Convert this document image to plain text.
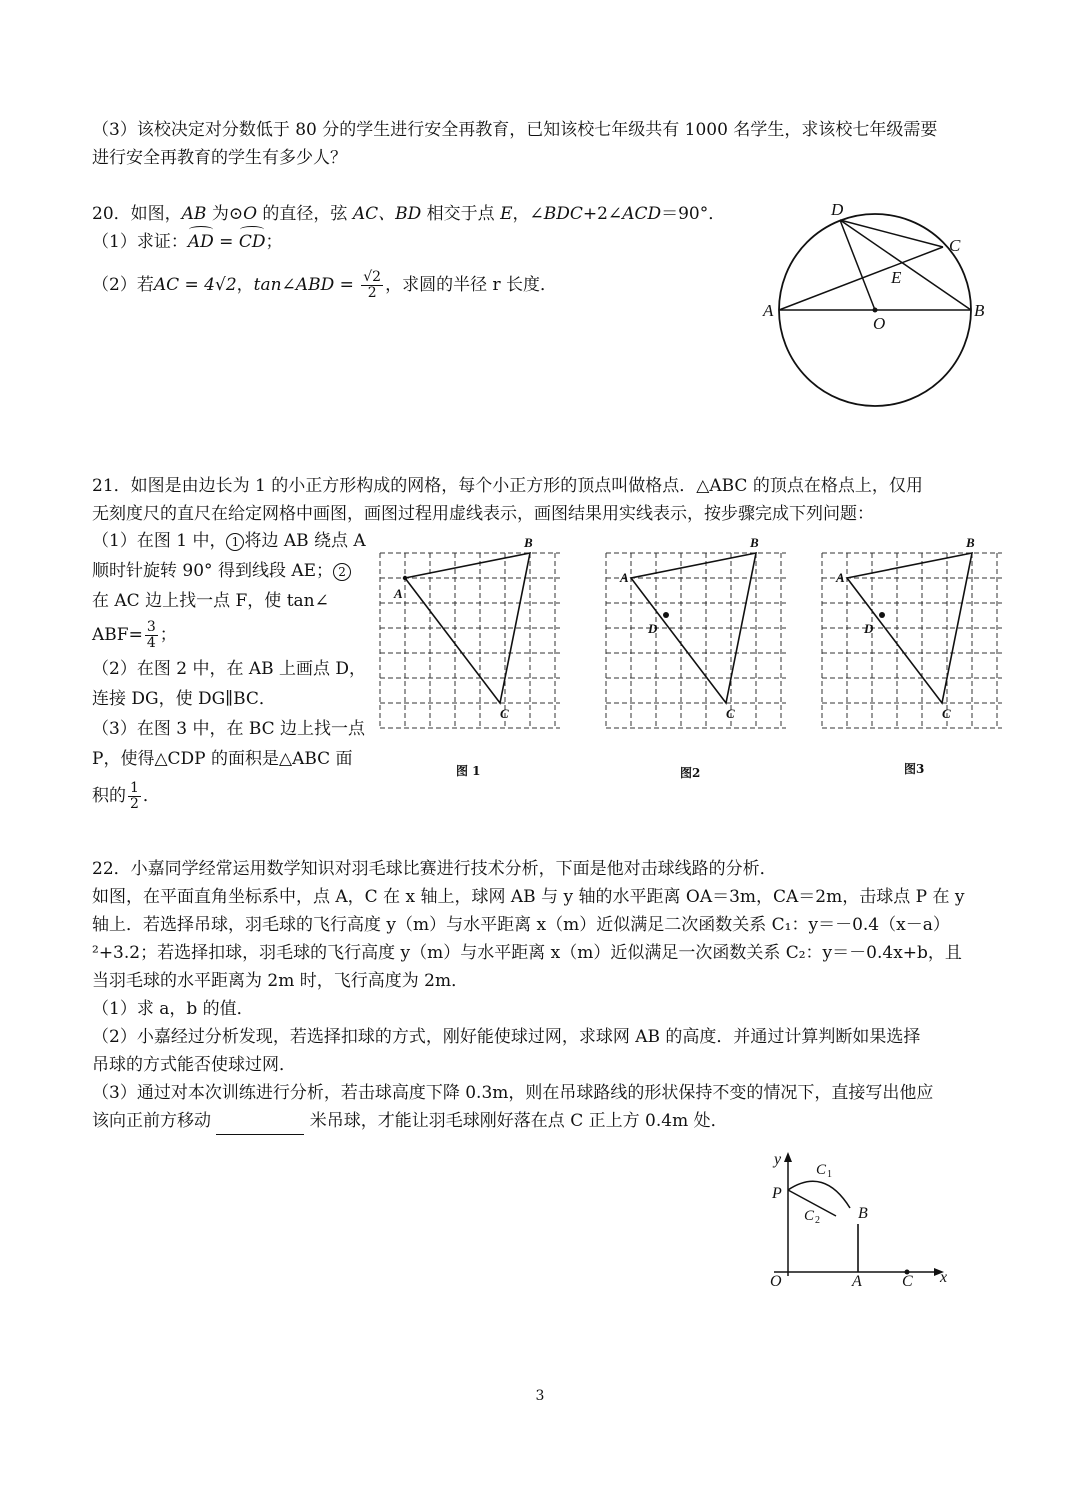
（3）该校决定对分数低于 80 分的学生进行安全再教育，已知该校七年级共有 1000 名学生，求该校七年级需要
进行安全再教育的学生有多少人？
20．如图，AB 为⊙O 的直径，弦 AC、BD 相交于点 E，∠BDC+2∠ACD＝90°．
（1）求证：AD = CD；
（2）若AC = 4√2，tan∠ABD = $\frac{√2}{2}$ ，求圆的半径 r 长度．
D
C
E
A
O
B
21．如图是由边长为 1 的小正方形构成的网格，每个小正方形的顶点叫做格点．△ABC 的顶点在格点上，仅用
无刻度尺的直尺在给定网格中画图，画图过程用虚线表示，画图结果用实线表示，按步骤完成下列问题：
（1）在图 1 中， 1 将边 AB 绕点 A
顺时针旋转 90° 得到线段 AE； 2
在 AC 边上找一点 F，使 tan∠
$ABF= \frac{3}{4}$ ；
（2）在图 2 中，在 AB 上画点 D，
连接 DG，使 DG∥BC．
（3）在图 3 中，在 BC 边上找一点
P，使得△CDP 的面积是△ABC 面
积的 $\frac{1}{2}$ ．
A
B
C
A
B
C
D
A
B
C
D
图 1	图2	图3
22．小嘉同学经常运用数学知识对羽毛球比赛进行技术分析，下面是他对击球线路的分析．
如图，在平面直角坐标系中，点 A，C 在 x 轴上，球网 AB 与 y 轴的水平距离 OA＝3m，CA＝2m，击球点 P 在 y
轴上．若选择吊球，羽毛球的飞行高度 y（m）与水平距离 x（m）近似满足二次函数关系 C₁：y＝－0.4（x－a）
²+3.2；若选择扣球，羽毛球的飞行高度 y（m）与水平距离 x（m）近似满足一次函数关系 C₂：y＝－0.4x+b，且
当羽毛球的水平距离为 2m 时，飞行高度为 2m．
（1）求 a，b 的值．
（2）小嘉经过分析发现，若选择扣球的方式，刚好能使球过网，求球网 AB 的高度．并通过计算判断如果选择
吊球的方式能否使球过网．
（3）通过对本次训练进行分析，若击球高度下降 0.3m，则在吊球路线的形状保持不变的情况下，直接写出他应
该向正前方移动	米吊球，才能让羽毛球刚好落在点 C 正上方 0.4m 处．
y
x
O
P
A
B
C
C 1
C 2
3
